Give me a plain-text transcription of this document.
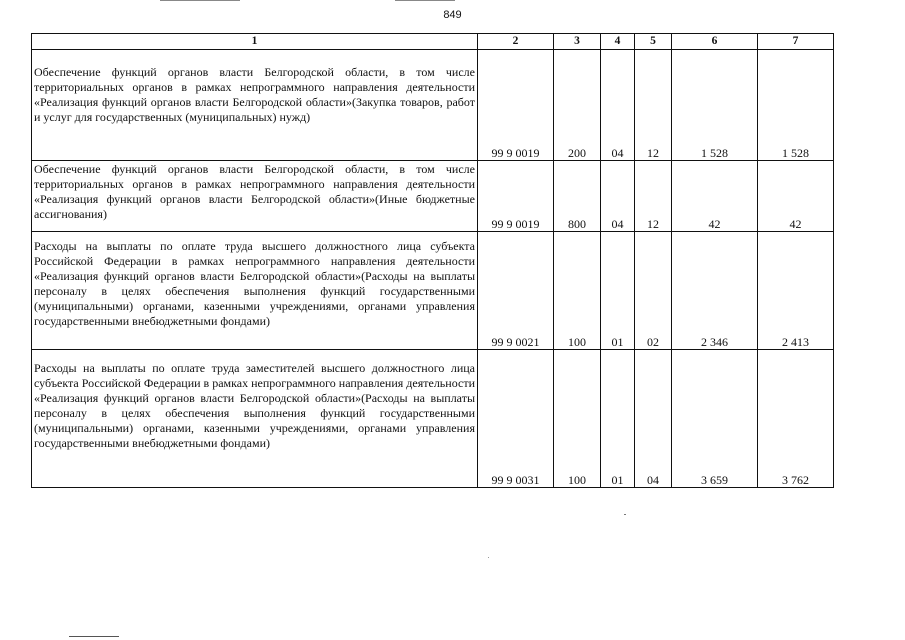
849
1	2	3	4	5	6	7
Обеспечение функций органов власти Белгородской области, в том числе территориальных органов в рамках непрограммного направления деятельности «Реализация функций органов власти Белгородской области»(Закупка товаров, работ и услуг для государственных (муниципальных) нужд)	99 9 0019	200	04	12	1 528	1 528
Обеспечение функций органов власти Белгородской области, в том числе территориальных органов в рамках непрограммного направления деятельности «Реализация функций органов власти Белгородской области»(Иные бюджетные ассигнования)	99 9 0019	800	04	12	42	42
Расходы на выплаты по оплате труда высшего должностного лица субъекта Российской Федерации в рамках непрограммного направления деятельности «Реализация функций органов власти Белгородской области»(Расходы на выплаты персоналу в целях обеспечения выполнения функций государственными (муниципальными) органами, казенными учреждениями, органами управления государственными внебюджетными фондами)	99 9 0021	100	01	02	2 346	2 413
Расходы на выплаты по оплате труда заместителей высшего должностного лица субъекта Российской Федерации в рамках непрограммного направления деятельности «Реализация функций органов власти Белгородской области»(Расходы на выплаты персоналу в целях обеспечения выполнения функций государственными (муниципальными) органами, казенными учреждениями, органами управления государственными внебюджетными фондами)	99 9 0031	100	01	04	3 659	3 762
